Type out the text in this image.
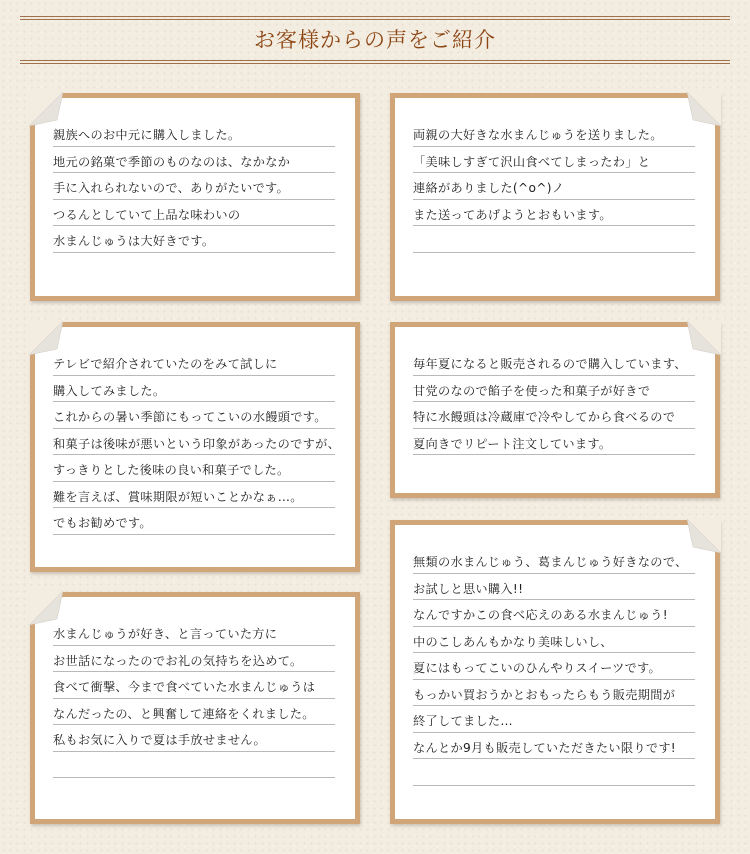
お客様からの声をご紹介
親族へのお中元に購入しました。
地元の銘菓で季節のものなのは、なかなか
手に入れられないので、ありがたいです。
つるんとしていて上品な味わいの
水まんじゅうは大好きです。
両親の大好きな水まんじゅうを送りました。
「美味しすぎて沢山食べてしまったわ」と
連絡がありました(^o^)ノ
また送ってあげようとおもいます。
テレビで紹介されていたのをみて試しに
購入してみました。
これからの暑い季節にもってこいの水饅頭です。
和菓子は後味が悪いという印象があったのですが、
すっきりとした後味の良い和菓子でした。
難を言えば、賞味期限が短いことかなぁ…。
でもお勧めです。
毎年夏になると販売されるので購入しています、
甘党のなので餡子を使った和菓子が好きで
特に水饅頭は冷蔵庫で冷やしてから食べるので
夏向きでリピート注文しています。
水まんじゅうが好き、と言っていた方に
お世話になったのでお礼の気持ちを込めて。
食べて衝撃、今まで食べていた水まんじゅうは
なんだったの、と興奮して連絡をくれました。
私もお気に入りで夏は手放せません。
無類の水まんじゅう、葛まんじゅう好きなので、
お試しと思い購入!!
なんですかこの食べ応えのある水まんじゅう!
中のこしあんもかなり美味しいし、
夏にはもってこいのひんやりスイーツです。
もっかい買おうかとおもったらもう販売期間が
終了してました…
なんとか9月も販売していただきたい限りです!
